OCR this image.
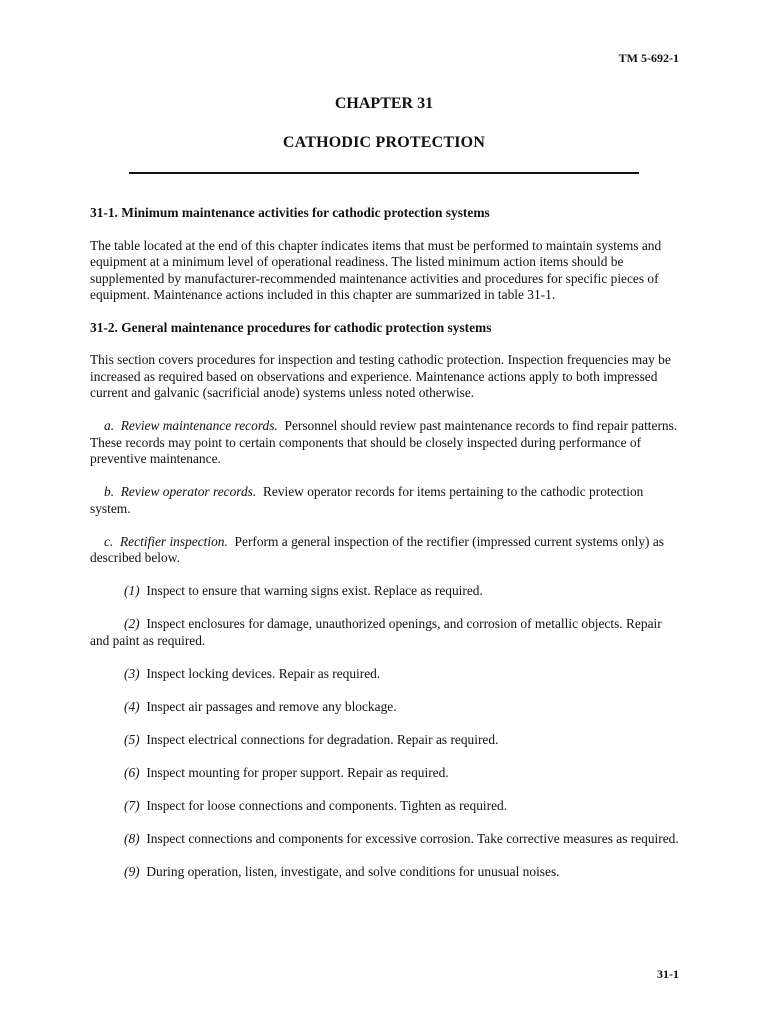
TM 5-692-1
CHAPTER 31
CATHODIC PROTECTION

31-1. Minimum maintenance activities for cathodic protection systems

The table located at the end of this chapter indicates items that must be performed to maintain systems and equipment at a minimum level of operational readiness. The listed minimum action items should be supplemented by manufacturer-recommended maintenance activities and procedures for specific pieces of equipment. Maintenance actions included in this chapter are summarized in table 31-1.

31-2. General maintenance procedures for cathodic protection systems

This section covers procedures for inspection and testing cathodic protection. Inspection frequencies may be increased as required based on observations and experience. Maintenance actions apply to both impressed current and galvanic (sacrificial anode) systems unless noted otherwise.

a. Review maintenance records. Personnel should review past maintenance records to find repair patterns. These records may point to certain components that should be closely inspected during performance of preventive maintenance.

b. Review operator records. Review operator records for items pertaining to the cathodic protection system.

c. Rectifier inspection. Perform a general inspection of the rectifier (impressed current systems only) as described below.

(1) Inspect to ensure that warning signs exist. Replace as required.

(2) Inspect enclosures for damage, unauthorized openings, and corrosion of metallic objects. Repair and paint as required.

(3) Inspect locking devices. Repair as required.

(4) Inspect air passages and remove any blockage.

(5) Inspect electrical connections for degradation. Repair as required.

(6) Inspect mounting for proper support. Repair as required.

(7) Inspect for loose connections and components. Tighten as required.

(8) Inspect connections and components for excessive corrosion. Take corrective measures as required.

(9) During operation, listen, investigate, and solve conditions for unusual noises.

31-1
